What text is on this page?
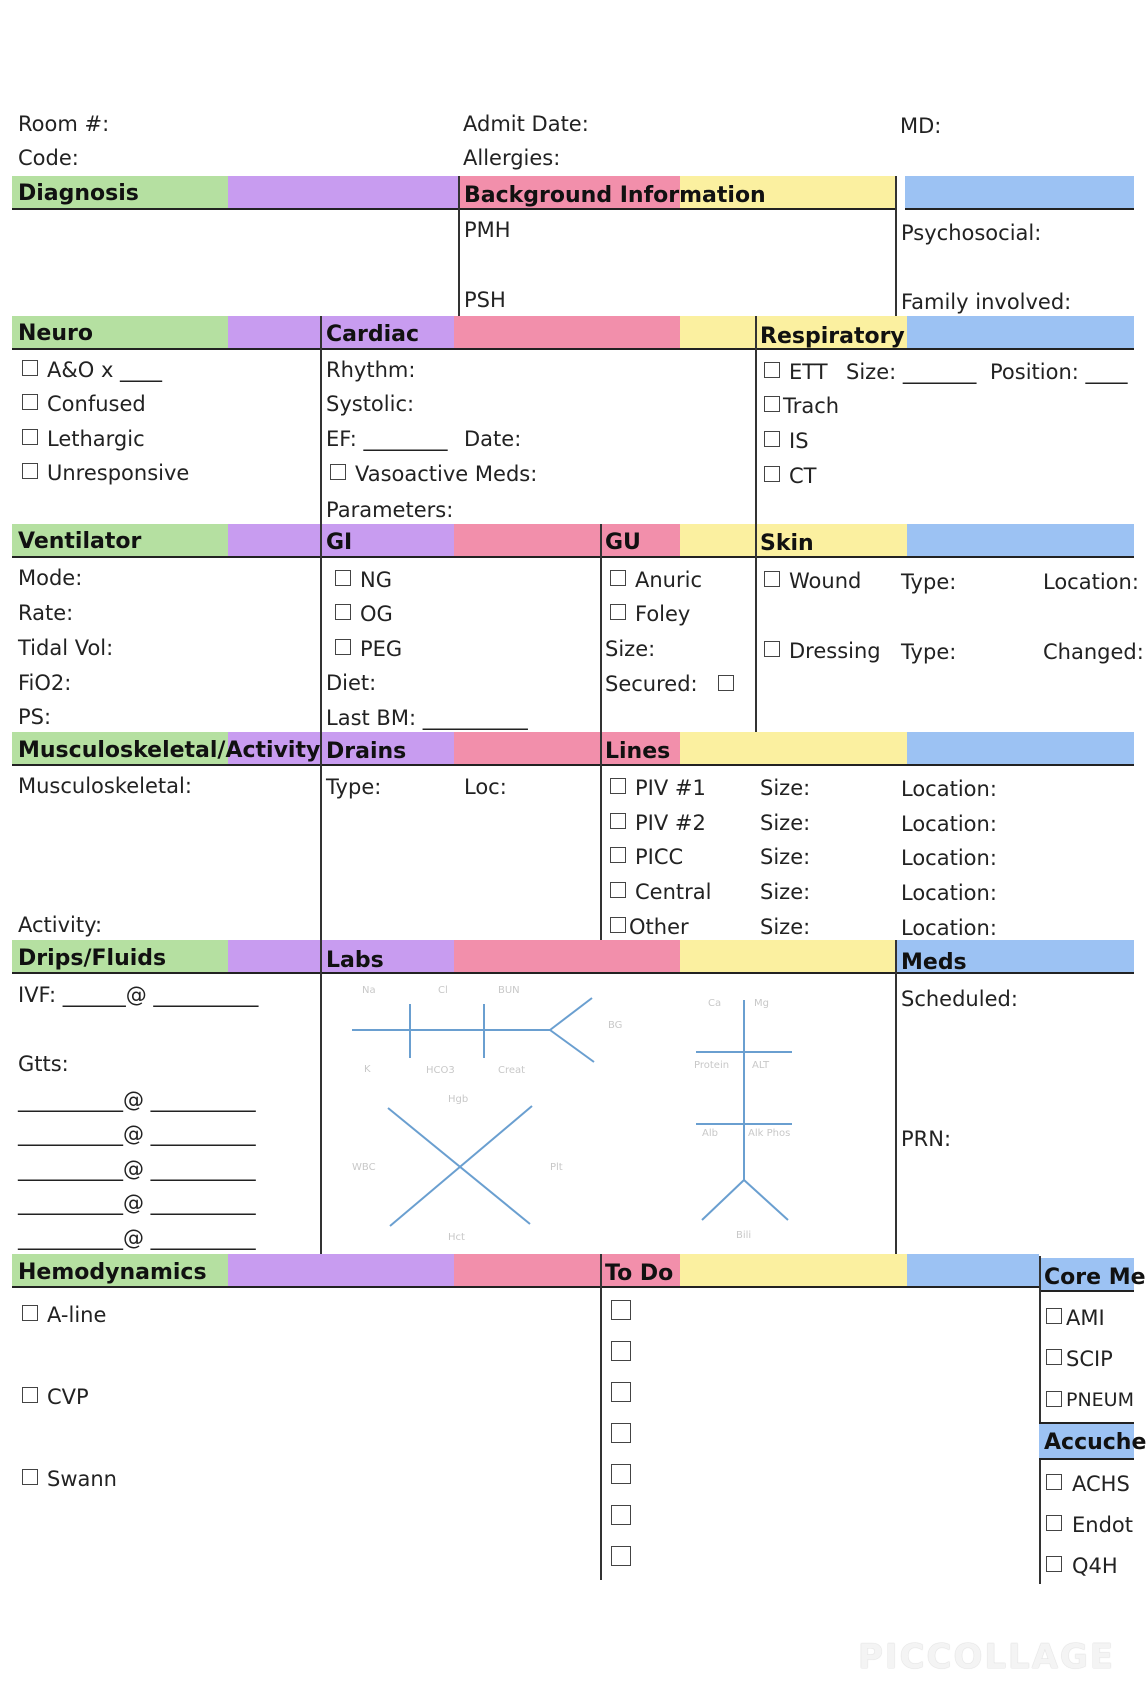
Room #:
Code:
Admit Date:
Allergies:
MD:
Diagnosis	Background Information
PMH
PSH
Psychosocial:
Family involved:
Neuro	Cardiac	Respiratory
A&O x ____
Confused
Lethargic
Unresponsive
Rhythm:
Systolic:
EF: ________ Date:
Vasoactive Meds:
Parameters:
ETT Size: _______ Position: ____
Trach
IS
CT
Ventilator	GI	GU	Skin
Mode:
Rate:
Tidal Vol:
FiO2:
PS:
NG
OG
PEG
Diet:
Last BM: __________
Anuric
Foley
Size:
Secured:
Wound Type:	Location:
Dressing Type:	Changed:
Musculoskeletal/Activity Drains	Lines
Musculoskeletal:
Activity:
Type:	Loc:	PIV #1	Size:	Location:
PIV #2	Size:	Location:
PICC	Size:	Location:
Central Size:	Location:
Other	Size:	Location:
Drips/Fluids	Labs	Meds
IVF: ______@ __________
Gtts:
__________@ __________
__________@ __________
__________@ __________
__________@ __________
__________@ __________
Na	Cl	BUN
BG
K	HCO3	Creat
Hgb
WBC	Plt
Hct
Ca	Mg
Protein ALT
Alb	Alk Phos
Bili
Scheduled:
PRN:
Hemodynamics	To Do	Core Me
A-line
CVP
Swann
AMI
SCIP
PNEUM
Accuche
ACHS
Endot
Q4H
PICCOLLAGE
